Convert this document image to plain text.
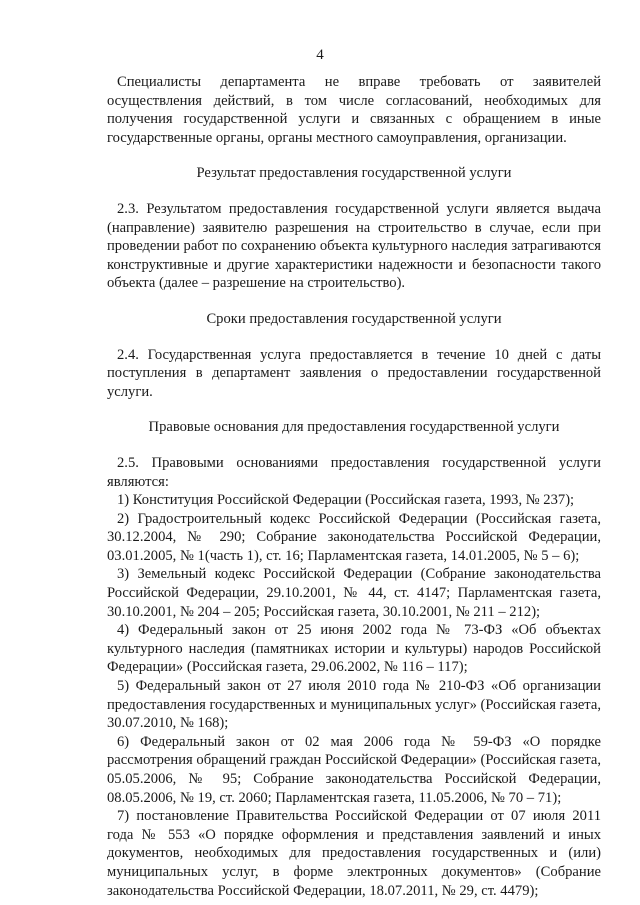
4

Специалисты департамента не вправе требовать от заявителей осуществления действий, в том числе согласований, необходимых для получения государственной услуги и связанных с обращением в иные государственные органы, органы местного самоуправления, организации.

Результат предоставления государственной услуги

2.3. Результатом предоставления государственной услуги является выдача (направление) заявителю разрешения на строительство в случае, если при проведении работ по сохранению объекта культурного наследия затрагиваются конструктивные и другие характеристики надежности и безопасности такого объекта (далее – разрешение на строительство).

Сроки предоставления государственной услуги

2.4. Государственная услуга предоставляется в течение 10 дней с даты поступления в департамент заявления о предоставлении государственной услуги.

Правовые основания для предоставления государственной услуги

2.5. Правовыми основаниями предоставления государственной услуги являются:

1) Конституция Российской Федерации (Российская газета, 1993, № 237);

2) Градостроительный кодекс Российской Федерации (Российская газета, 30.12.2004, № 290; Собрание законодательства Российской Федерации, 03.01.2005, № 1(часть 1), ст. 16; Парламентская газета, 14.01.2005, № 5 – 6);

3) Земельный кодекс Российской Федерации (Собрание законодательства Российской Федерации, 29.10.2001, № 44, ст. 4147; Парламентская газета, 30.10.2001, № 204 – 205; Российская газета, 30.10.2001, № 211 – 212);

4) Федеральный закон от 25 июня 2002 года № 73-ФЗ «Об объектах культурного наследия (памятниках истории и культуры) народов Российской Федерации» (Российская газета, 29.06.2002, № 116 – 117);

5) Федеральный закон от 27 июля 2010 года № 210-ФЗ «Об организации предоставления государственных и муниципальных услуг» (Российская газета, 30.07.2010, № 168);

6) Федеральный закон от 02 мая 2006 года № 59-ФЗ «О порядке рассмотрения обращений граждан Российской Федерации» (Российская газета, 05.05.2006, № 95; Собрание законодательства Российской Федерации, 08.05.2006, № 19, ст. 2060; Парламентская газета, 11.05.2006, № 70 – 71);

7) постановление Правительства Российской Федерации от 07 июля 2011 года № 553 «О порядке оформления и представления заявлений и иных документов, необходимых для предоставления государственных и (или) муниципальных услуг, в форме электронных документов» (Собрание законодательства Российской Федерации, 18.07.2011, № 29, ст. 4479);
